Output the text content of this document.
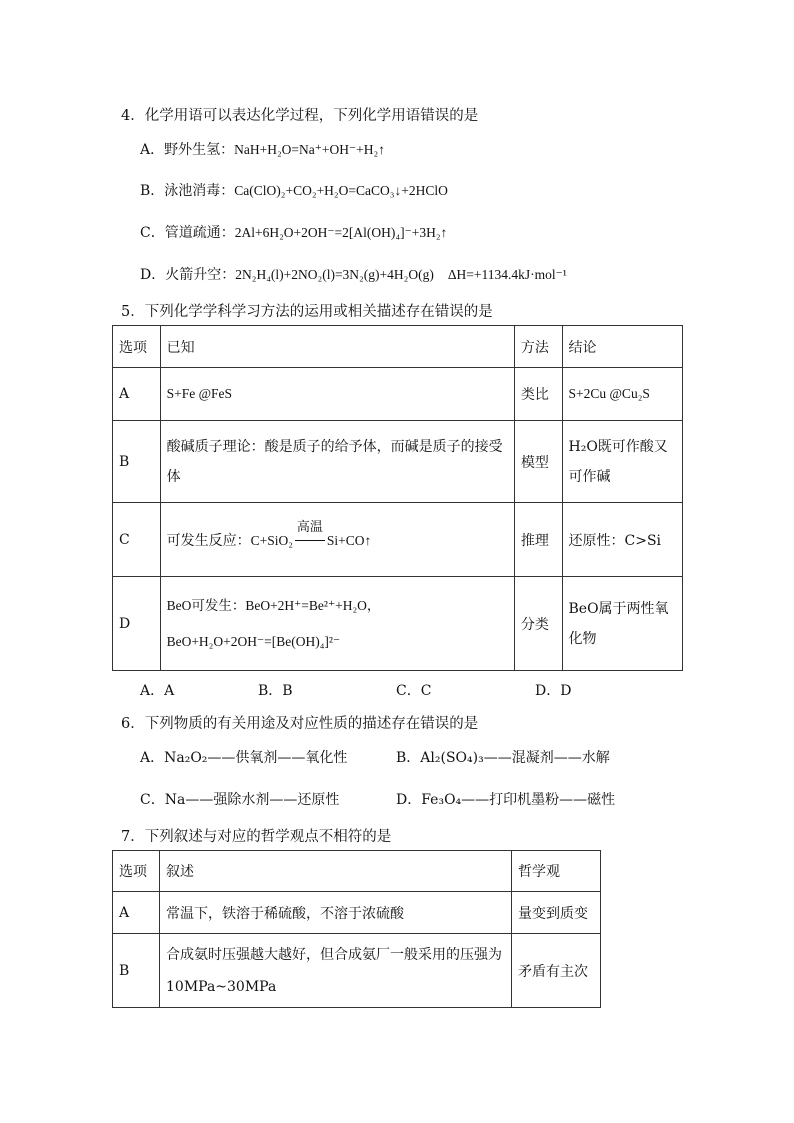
4．化学用语可以表达化学过程，下列化学用语错误的是
A．野外生氢：NaH+H₂O=Na⁺+OH⁻+H₂↑
B．泳池消毒：Ca(ClO)₂+CO₂+H₂O=CaCO₃↓+2HClO
C．管道疏通：2Al+6H₂O+2OH⁻=2[Al(OH)₄]⁻+3H₂↑
D．火箭升空：2N₂H₄(l)+2NO₂(l)=3N₂(g)+4H₂O(g) ΔH=+1134.4kJ·mol⁻¹
5．下列化学学科学习方法的运用或相关描述存在错误的是
选项	已知	方法	结论
A	S+Fe @FeS	类比	S+2Cu @Cu₂S
B	酸碱质子理论：酸是质子的给予体，而碱是质子的接受体	模型	H₂O既可作酸又可作碱
C	可发生反应：C+SiO₂
高温
Si+CO↑	推理	还原性：C>Si
D	BeO可发生：BeO+2H⁺=Be²⁺+H₂O，
BeO+H₂O+2OH⁻=[Be(OH)₄]²⁻	分类	BeO属于两性氧化物
A．A	B．B	C．C	D．D
6．下列物质的有关用途及对应性质的描述存在错误的是
A．Na₂O₂——供氧剂——氧化性	B．Al₂(SO₄)₃——混凝剂——水解
C．Na——强除水剂——还原性	D．Fe₃O₄——打印机墨粉——磁性
7．下列叙述与对应的哲学观点不相符的是
选项	叙述	哲学观
A	常温下，铁溶于稀硫酸，不溶于浓硫酸	量变到质变
B	合成氨时压强越大越好，但合成氨厂一般采用的压强为10MPa~30MPa	矛盾有主次
